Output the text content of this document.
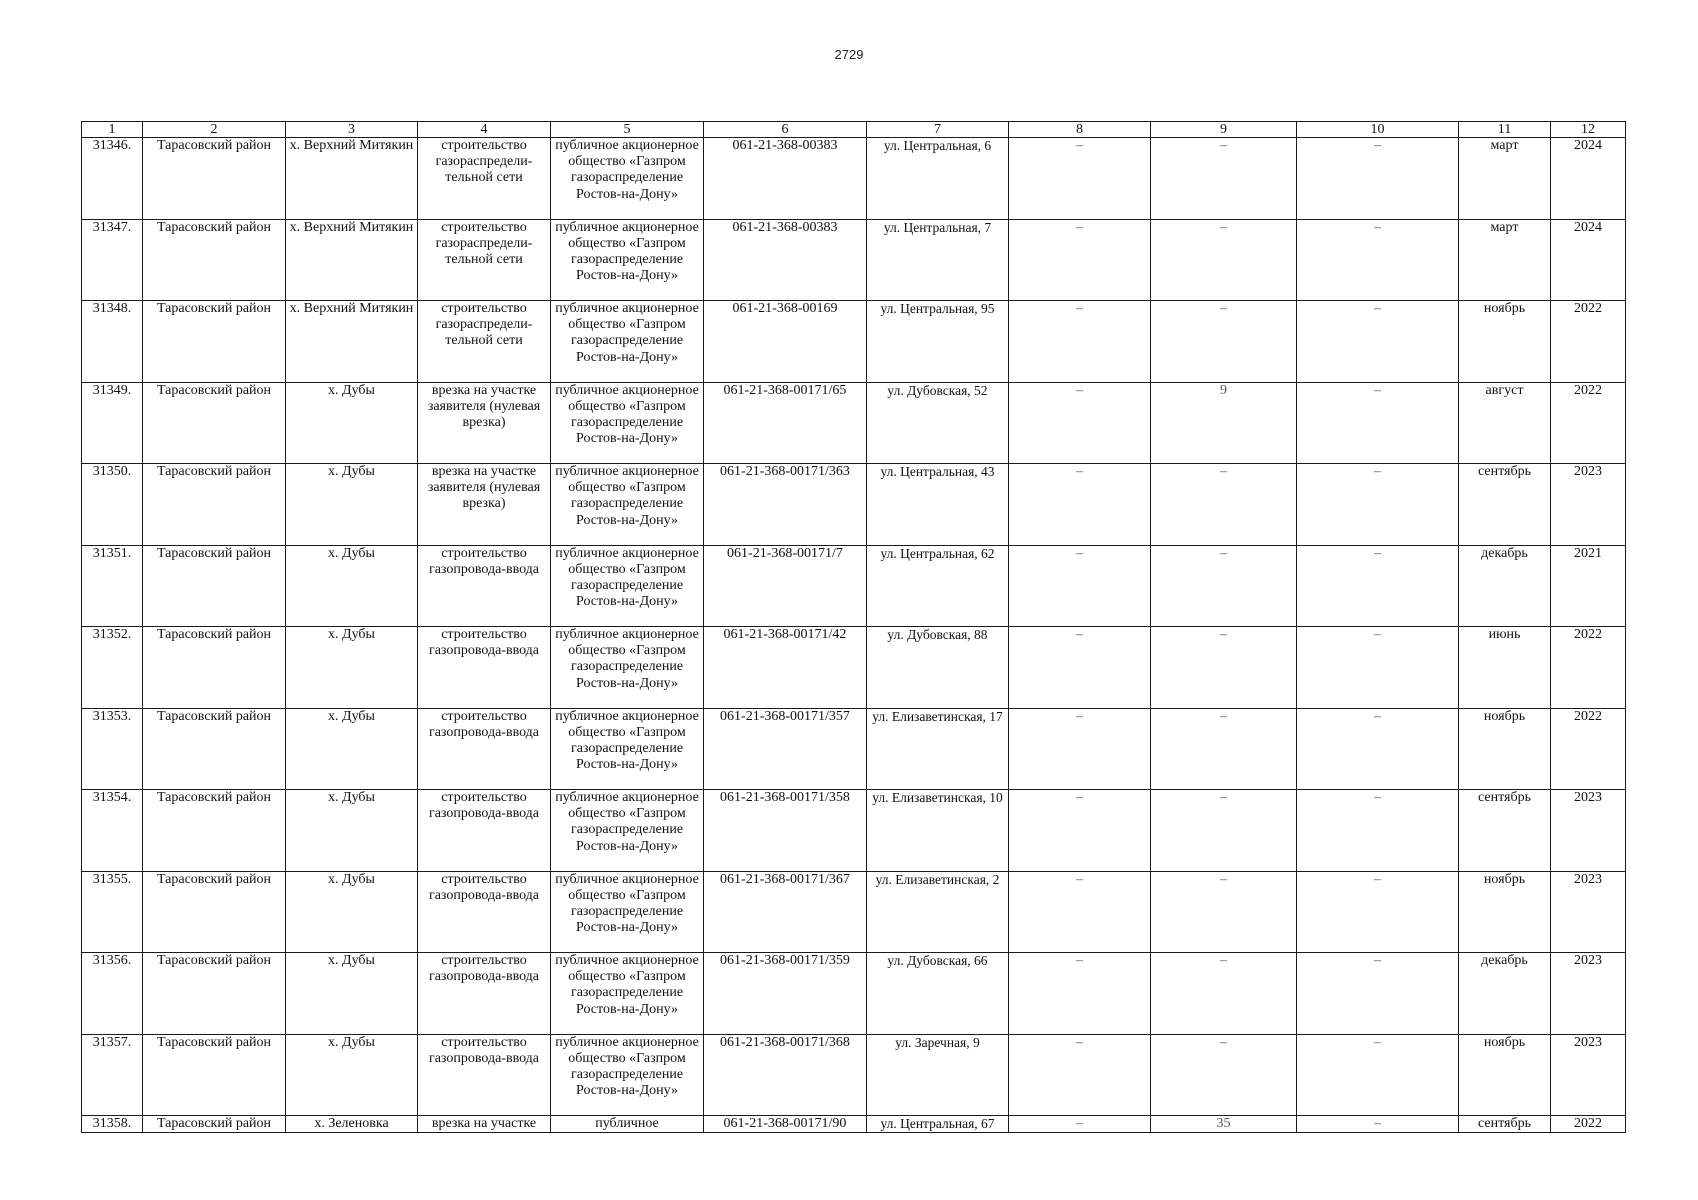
2729
1	2	3	4	5	6	7	8	9	10	11	12
31346.	Тарасовский район	х. Верхний Митякин	строительство газораспредели-тельной сети	публичное акционерное общество «Газпром газораспределение Ростов-на-Дону»	061-21-368-00383	ул. Центральная, 6	–	–	–	март	2024
31347.	Тарасовский район	х. Верхний Митякин	строительство газораспредели-тельной сети	публичное акционерное общество «Газпром газораспределение Ростов-на-Дону»	061-21-368-00383	ул. Центральная, 7	–	–	–	март	2024
31348.	Тарасовский район	х. Верхний Митякин	строительство газораспредели-тельной сети	публичное акционерное общество «Газпром газораспределение Ростов-на-Дону»	061-21-368-00169	ул. Центральная, 95	–	–	–	ноябрь	2022
31349.	Тарасовский район	х. Дубы	врезка на участке заявителя (нулевая врезка)	публичное акционерное общество «Газпром газораспределение Ростов-на-Дону»	061-21-368-00171/65	ул. Дубовская, 52	–	9	–	август	2022
31350.	Тарасовский район	х. Дубы	врезка на участке заявителя (нулевая врезка)	публичное акционерное общество «Газпром газораспределение Ростов-на-Дону»	061-21-368-00171/363	ул. Центральная, 43	–	–	–	сентябрь	2023
31351.	Тарасовский район	х. Дубы	строительство газопровода-ввода	публичное акционерное общество «Газпром газораспределение Ростов-на-Дону»	061-21-368-00171/7	ул. Центральная, 62	–	–	–	декабрь	2021
31352.	Тарасовский район	х. Дубы	строительство газопровода-ввода	публичное акционерное общество «Газпром газораспределение Ростов-на-Дону»	061-21-368-00171/42	ул. Дубовская, 88	–	–	–	июнь	2022
31353.	Тарасовский район	х. Дубы	строительство газопровода-ввода	публичное акционерное общество «Газпром газораспределение Ростов-на-Дону»	061-21-368-00171/357	ул. Елизаветинская, 17	–	–	–	ноябрь	2022
31354.	Тарасовский район	х. Дубы	строительство газопровода-ввода	публичное акционерное общество «Газпром газораспределение Ростов-на-Дону»	061-21-368-00171/358	ул. Елизаветинская, 10	–	–	–	сентябрь	2023
31355.	Тарасовский район	х. Дубы	строительство газопровода-ввода	публичное акционерное общество «Газпром газораспределение Ростов-на-Дону»	061-21-368-00171/367	ул. Елизаветинская, 2	–	–	–	ноябрь	2023
31356.	Тарасовский район	х. Дубы	строительство газопровода-ввода	публичное акционерное общество «Газпром газораспределение Ростов-на-Дону»	061-21-368-00171/359	ул. Дубовская, 66	–	–	–	декабрь	2023
31357.	Тарасовский район	х. Дубы	строительство газопровода-ввода	публичное акционерное общество «Газпром газораспределение Ростов-на-Дону»	061-21-368-00171/368	ул. Заречная, 9	–	–	–	ноябрь	2023
31358.	Тарасовский район	х. Зеленовка	врезка на участке	публичное	061-21-368-00171/90	ул. Центральная, 67	–	35	–	сентябрь	2022
